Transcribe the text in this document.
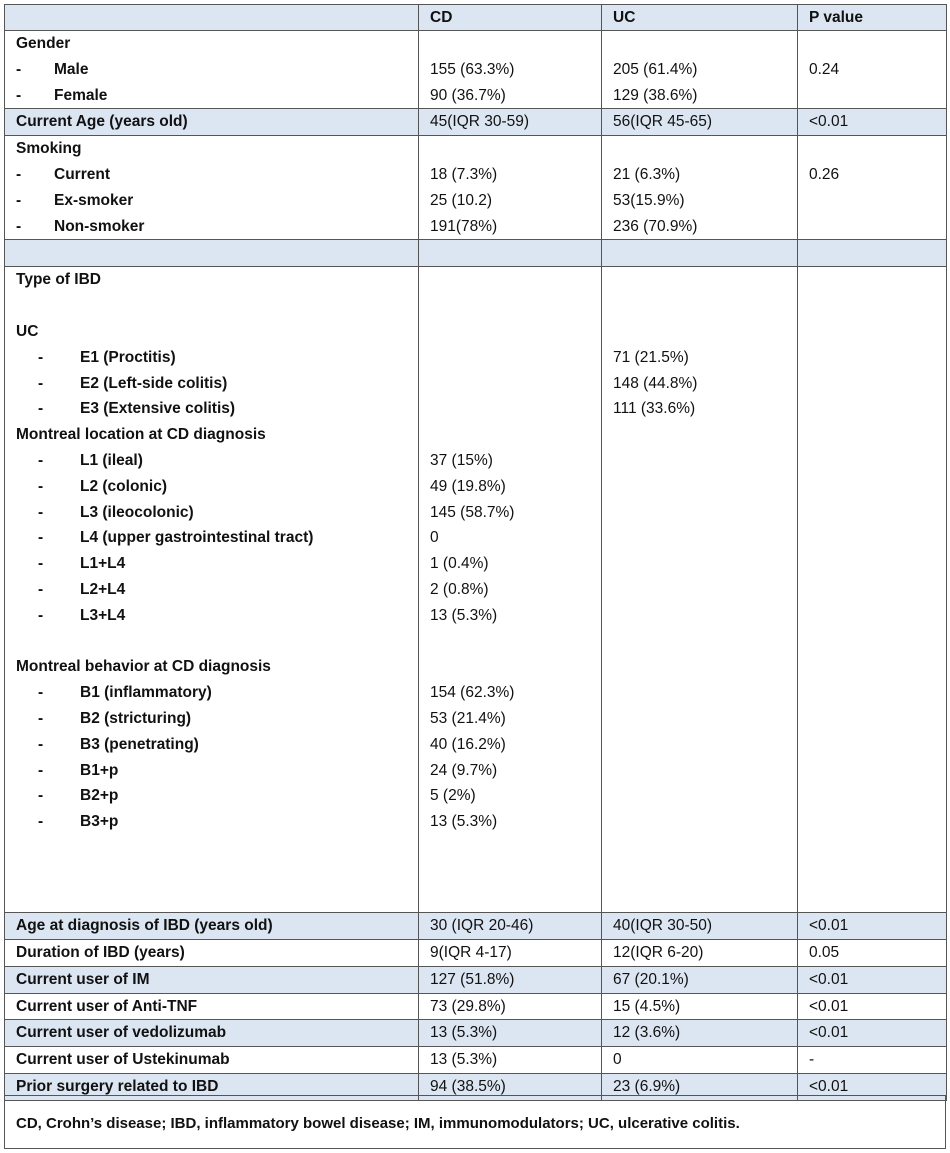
	CD	UC	P value
Gender			
- Male	155 (63.3%)	205 (61.4%)	0.24
- Female	90 (36.7%)	129 (38.6%)	
Current Age (years old)	45(IQR 30-59)	56(IQR 45-65)	<0.01
Smoking			
- Current	18 (7.3%)	21 (6.3%)	0.26
- Ex-smoker	25 (10.2)	53(15.9%)	
- Non-smoker	191(78%)	236 (70.9%)	

Type of IBD			

UC			
- E1 (Proctitis)		71 (21.5%)	
- E2 (Left-side colitis)		148 (44.8%)	
- E3 (Extensive colitis)		111 (33.6%)	
Montreal location at CD diagnosis			
- L1 (ileal)	37 (15%)		
- L2 (colonic)	49 (19.8%)		
- L3 (ileocolonic)	145 (58.7%)		
- L4 (upper gastrointestinal tract)	0		
- L1+L4	1 (0.4%)		
- L2+L4	2 (0.8%)		
- L3+L4	13 (5.3%)		

Montreal behavior at CD diagnosis			
- B1 (inflammatory)	154 (62.3%)		
- B2 (stricturing)	53 (21.4%)		
- B3 (penetrating)	40 (16.2%)		
- B1+p	24 (9.7%)		
- B2+p	5 (2%)		
- B3+p	13 (5.3%)		

Age at diagnosis of IBD (years old)	30 (IQR 20-46)	40(IQR 30-50)	<0.01
Duration of IBD (years)	9(IQR 4-17)	12(IQR 6-20)	0.05
Current user of IM	127 (51.8%)	67 (20.1%)	<0.01
Current user of Anti-TNF	73 (29.8%)	15 (4.5%)	<0.01
Current user of vedolizumab	13 (5.3%)	12 (3.6%)	<0.01
Current user of Ustekinumab	13 (5.3%)	0	-
Prior surgery related to IBD	94 (38.5%)	23 (6.9%)	<0.01
CD, Crohn’s disease; IBD, inflammatory bowel disease; IM, immunomodulators; UC, ulcerative colitis.
